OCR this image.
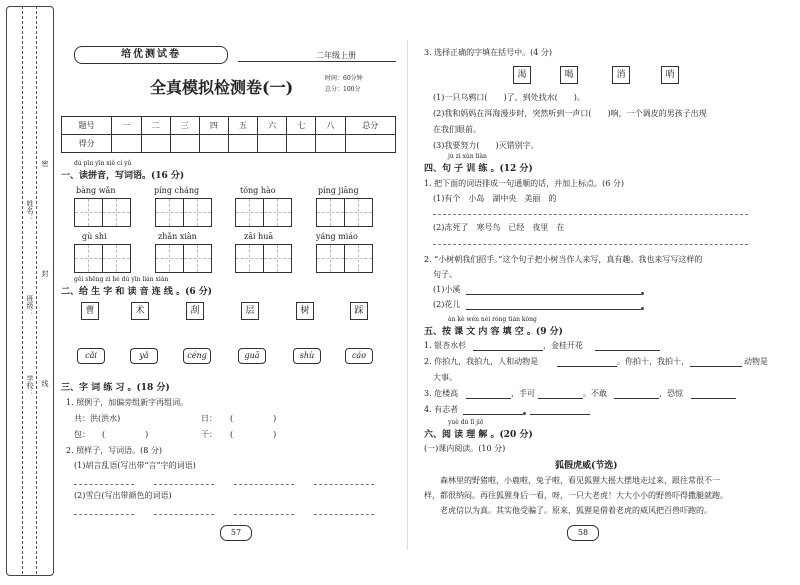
姓名：
班级：
学校：
密
封
线
培优测试卷	二年级上册
全真模拟检测卷(一)	时间：60分钟
总分：100分
题号	一	二	三	四	五	六	七	八	总分
得分									
dú pīn yīn xiě cí yǔ
一、读拼音，写词语。(16 分)
bàng wǎn	píng cháng	tóng hào	píng jiāng
gù shi	zhǎn xiàn	zāi huā	yáng miáo
gěi shēng zì hé dú yīn lián xiàn
二、给 生 字 和 读 音 连 线 。(6 分)
曹	术	刮	层	树	踩
cǎi	yǎ	céng	guā	shù	cáo
三、字 词 练 习 。(18 分)
1. 照例子，加偏旁组新字再组词。
共：洪(洪水)	日： (　　　　　)
包： (　　　　　)	干： (　　　　　)
2. 照样子，写词语。(8 分)
(1)胡言乱语(写出带“言”字的词语)
(2)雪白(写出带颜色的词语)
57
3. 选择正确的字填在括号中。(4 分)
渴	喝	消	哨
(1)一只乌鸦口(　　)了，到处找水(　　)。
(2)我和妈妈在洱海漫步时，突然听到一声口(　　)响，一个调皮的男孩子出现
在我们眼前。
(3)我要努力(　　)灭错别字。
jù zi xùn liàn
四、句 子 训 练 。(12 分)
1. 把下面的词语排成一句通顺的话，并加上标点。(6 分)
(1)有个　小岛　湖中央　美丽　的
(2)冻死了　寒号鸟　已经　夜里　在
2. “小树朝我们招手。”这个句子把小树当作人来写，真有趣。我也来写写这样的
句子。
(1)小溪
(2)花儿
àn kè wén nèi róng tián kòng
五、按 课 文 内 容 填 空 。(9 分)
1. 银杏水杉	，金桂开花
2. 你拍九，我拍九，人和动物是	。你拍十，我拍十，	动物是
大事。
3. 危楼高	，手可	。不敢	，恐惊
4. 有志者
yuè dú lǐ jiě
六、阅 读 理 解 。(20 分)
(一)课内阅读。(10 分)
狐假虎威(节选)
森林里的野猪啦，小鹿啦，兔子啦，看见狐狸大摇大摆地走过来，跟往常很不一
样，都很纳闷。再往狐狸身后一看，呀，一只大老虎！大大小小的野兽吓得撒腿就跑。
老虎信以为真。其实他受骗了。原来，狐狸是借着老虎的威风把百兽吓跑的。
58
